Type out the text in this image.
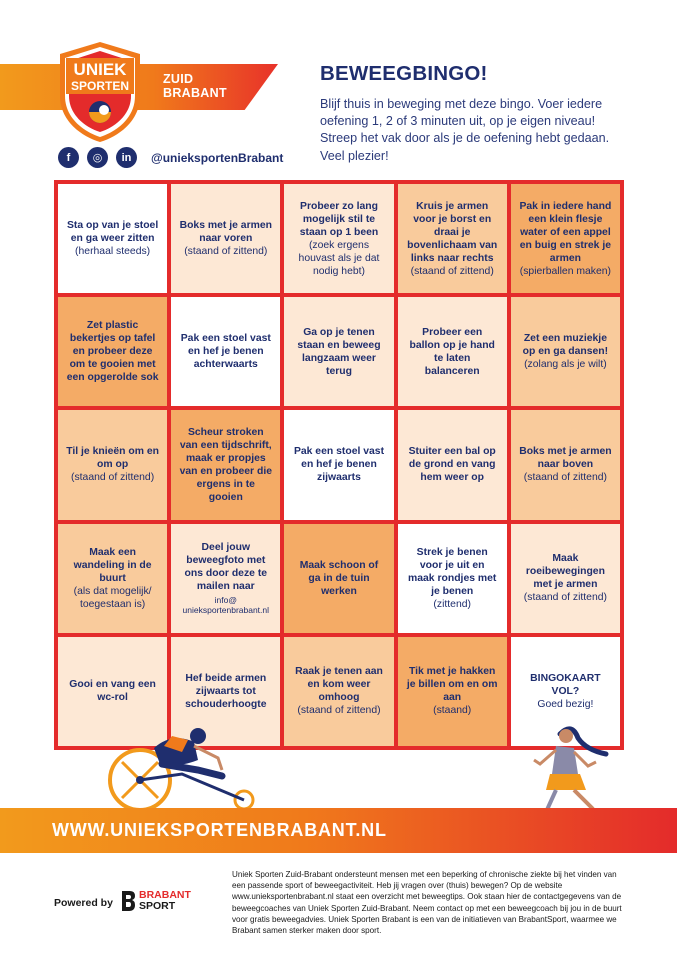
ZUID
BRABANT
UNIEK
SPORTEN
f	◎	in	@unieksportenBrabant
BEWEEGBINGO!

Blijf thuis in beweging met deze bingo. Voer iedere oefening 1, 2 of 3 minuten uit, op je eigen niveau! Streep het vak door als je de oefening hebt gedaan. Veel plezier!

Sta op van je stoel en ga weer zitten
(herhaal steeds)
Boks met je armen naar voren
(staand of zittend)
Probeer zo lang mogelijk stil te staan op 1 been
(zoek ergens houvast als je dat nodig hebt)
Kruis je armen voor je borst en draai je bovenlichaam van links naar rechts
(staand of zittend)
Pak in iedere hand een klein flesje water of een appel en buig en strek je armen
(spierballen maken)
Zet plastic bekertjes op tafel en probeer deze om te gooien met een opgerolde sok
Pak een stoel vast en hef je benen achterwaarts
Ga op je tenen staan en beweeg langzaam weer terug
Probeer een ballon op je hand te laten balanceren
Zet een muziekje op en ga dansen!
(zolang als je wilt)
Til je knieën om en om op
(staand of zittend)
Scheur stroken van een tijdschrift, maak er propjes van en probeer die ergens in te gooien
Pak een stoel vast en hef je benen zijwaarts
Stuiter een bal op de grond en vang hem weer op
Boks met je armen naar boven
(staand of zittend)
Maak een wandeling in de buurt
(als dat mogelijk/ toegestaan is)
Deel jouw beweegfoto met ons door deze te mailen naar
info@ unieksportenbrabant.nl
Maak schoon of ga in de tuin werken
Strek je benen voor je uit en maak rondjes met je benen
(zittend)
Maak roeibewegingen met je armen
(staand of zittend)
Gooi en vang een wc-rol
Hef beide armen zijwaarts tot schouderhoogte
Raak je tenen aan en kom weer omhoog
(staand of zittend)
Tik met je hakken je billen om en om aan
(staand)
BINGOKAART VOL?
Goed bezig!
WWW.UNIEKSPORTENBRABANT.NL
Powered by
BRABANT
SPORT

Uniek Sporten Zuid-Brabant ondersteunt mensen met een beperking of chronische ziekte bij het vinden van een passende sport of beweegactiviteit. Heb jij vragen over (thuis) bewegen? Op de website www.unieksportenbrabant.nl staat een overzicht met beweegtips. Ook staan hier de contactgegevens van de beweegcoaches van Uniek Sporten Zuid-Brabant. Neem contact op met een beweegcoach bij jou in de buurt voor gratis beweegadvies. Uniek Sporten Brabant is een van de initiatieven van BrabantSport, waarmee we Brabant samen sterker maken door sport.
